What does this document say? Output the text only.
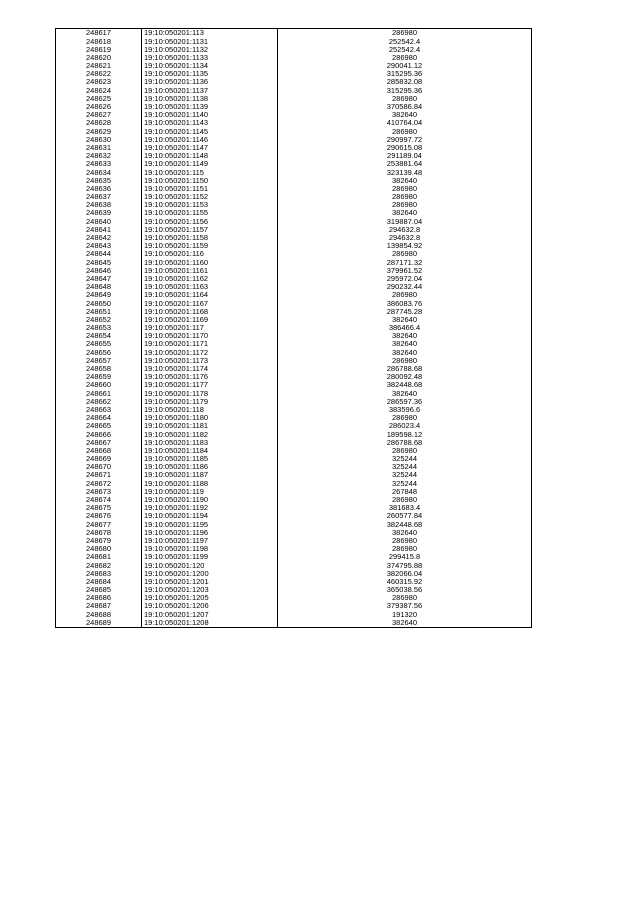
248617	19:10:050201:113	286980
248618	19:10:050201:1131	252542.4
248619	19:10:050201:1132	252542.4
248620	19:10:050201:1133	286980
248621	19:10:050201:1134	290041.12
248622	19:10:050201:1135	315295.36
248623	19:10:050201:1136	285832.08
248624	19:10:050201:1137	315295.36
248625	19:10:050201:1138	286980
248626	19:10:050201:1139	370586.84
248627	19:10:050201:1140	382640
248628	19:10:050201:1143	410764.04
248629	19:10:050201:1145	286980
248630	19:10:050201:1146	290997.72
248631	19:10:050201:1147	290615.08
248632	19:10:050201:1148	291189.04
248633	19:10:050201:1149	253881.64
248634	19:10:050201:115	323139.48
248635	19:10:050201:1150	382640
248636	19:10:050201:1151	286980
248637	19:10:050201:1152	286980
248638	19:10:050201:1153	286980
248639	19:10:050201:1155	382640
248640	19:10:050201:1156	319887.04
248641	19:10:050201:1157	294632.8
248642	19:10:050201:1158	294632.8
248643	19:10:050201:1159	139854.92
248644	19:10:050201:116	286980
248645	19:10:050201:1160	287171.32
248646	19:10:050201:1161	379961.52
248647	19:10:050201:1162	295972.04
248648	19:10:050201:1163	290232.44
248649	19:10:050201:1164	286980
248650	19:10:050201:1167	386083.76
248651	19:10:050201:1168	287745.28
248652	19:10:050201:1169	382640
248653	19:10:050201:117	386466.4
248654	19:10:050201:1170	382640
248655	19:10:050201:1171	382640
248656	19:10:050201:1172	382640
248657	19:10:050201:1173	286980
248658	19:10:050201:1174	286788.68
248659	19:10:050201:1176	280092.48
248660	19:10:050201:1177	382448.68
248661	19:10:050201:1178	382640
248662	19:10:050201:1179	286597.36
248663	19:10:050201:118	383596.6
248664	19:10:050201:1180	286980
248665	19:10:050201:1181	286023.4
248666	19:10:050201:1182	189598.12
248667	19:10:050201:1183	286788.68
248668	19:10:050201:1184	286980
248669	19:10:050201:1185	325244
248670	19:10:050201:1186	325244
248671	19:10:050201:1187	325244
248672	19:10:050201:1188	325244
248673	19:10:050201:119	267848
248674	19:10:050201:1190	286980
248675	19:10:050201:1192	381683.4
248676	19:10:050201:1194	260577.84
248677	19:10:050201:1195	382448.68
248678	19:10:050201:1196	382640
248679	19:10:050201:1197	286980
248680	19:10:050201:1198	286980
248681	19:10:050201:1199	299415.8
248682	19:10:050201:120	374795.88
248683	19:10:050201:1200	382066.04
248684	19:10:050201:1201	460315.92
248685	19:10:050201:1203	365038.56
248686	19:10:050201:1205	286980
248687	19:10:050201:1206	379387.56
248688	19:10:050201:1207	191320
248689	19:10:050201:1208	382640
